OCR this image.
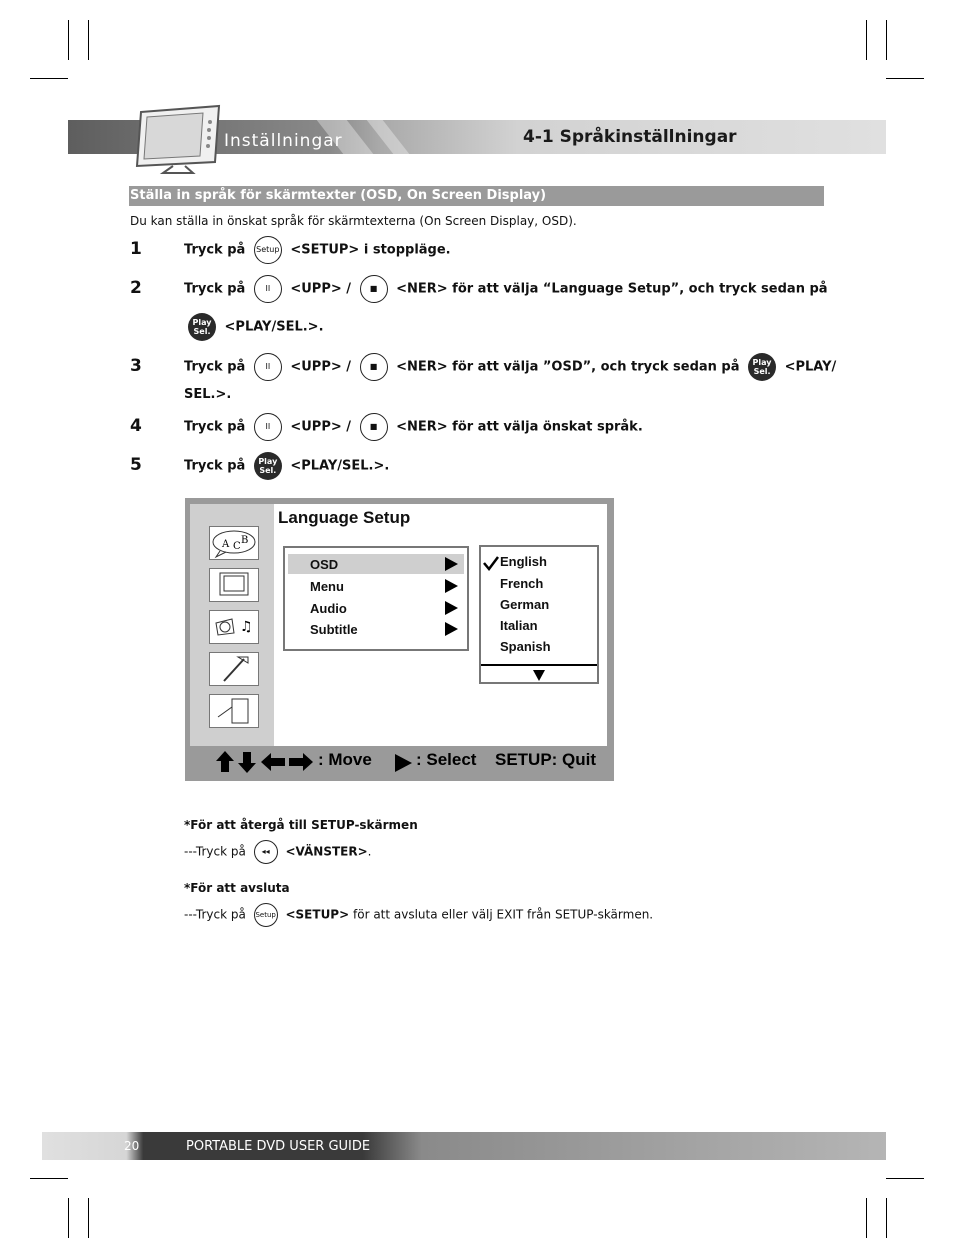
Inställningar	4-1 Språkinställningar
Ställa in språk för skärmtexter (OSD, On Screen Display)
Du kan ställa in önskat språk för skärmtexterna (On Screen Display, OSD).
1	Tryck på Setup <SETUP> i stoppläge.
2	Tryck på	II <UPP> / ■ <NER> för att välja “Language Setup”, och tryck sedan på
Play
Sel. <PLAY/SEL.>.
3	Tryck på	II <UPP> / ■ <NER> för att välja ”OSD”, och tryck sedan på Play
Sel. <PLAY/
SEL.>.
4	Tryck på	II <UPP> / ■ <NER> för att välja önskat språk.
5	Tryck på Play
Sel. <PLAY/SEL.>.
A C
B
♫
Language Setup
OSD
Menu
Audio
Subtitle
English
French
German
Italian
Spanish
: Move	: Select SETUP: Quit
*För att återgå till SETUP-skärmen
---Tryck på ◂◂ <VÄNSTER>.
*För att avsluta
---Tryck på Setup <SETUP> för att avsluta eller välj EXIT från SETUP-skärmen.
20	PORTABLE DVD USER GUIDE
